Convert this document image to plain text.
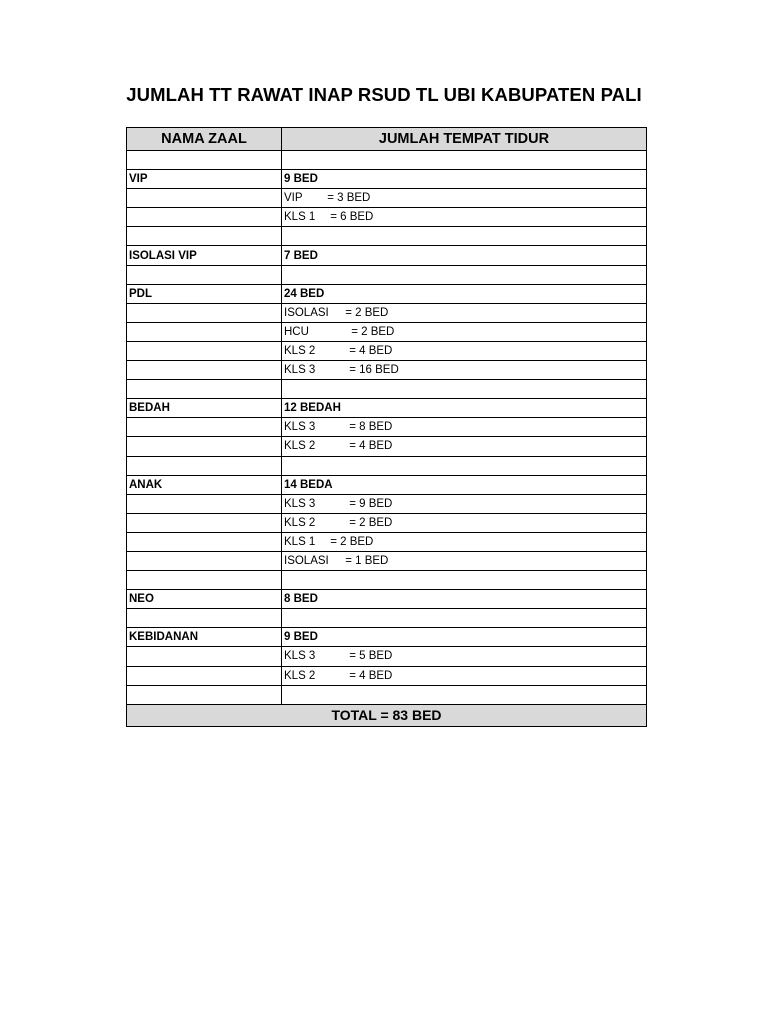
JUMLAH TT RAWAT INAP RSUD TL UBI KABUPATEN PALI
NAMA ZAAL	JUMLAH TEMPAT TIDUR

VIP	9 BED
	VIP = 3 BED
	KLS 1 = 6 BED

ISOLASI VIP	7 BED

PDL	24 BED
	ISOLASI = 2 BED
	HCU = 2 BED
	KLS 2 = 4 BED
	KLS 3 = 16 BED

BEDAH	12 BEDAH
	KLS 3 = 8 BED
	KLS 2 = 4 BED

ANAK	14 BEDA
	KLS 3 = 9 BED
	KLS 2 = 2 BED
	KLS 1 = 2 BED
	ISOLASI = 1 BED

NEO	8 BED

KEBIDANAN	9 BED
	KLS 3 = 5 BED
	KLS 2 = 4 BED

TOTAL = 83 BED	
